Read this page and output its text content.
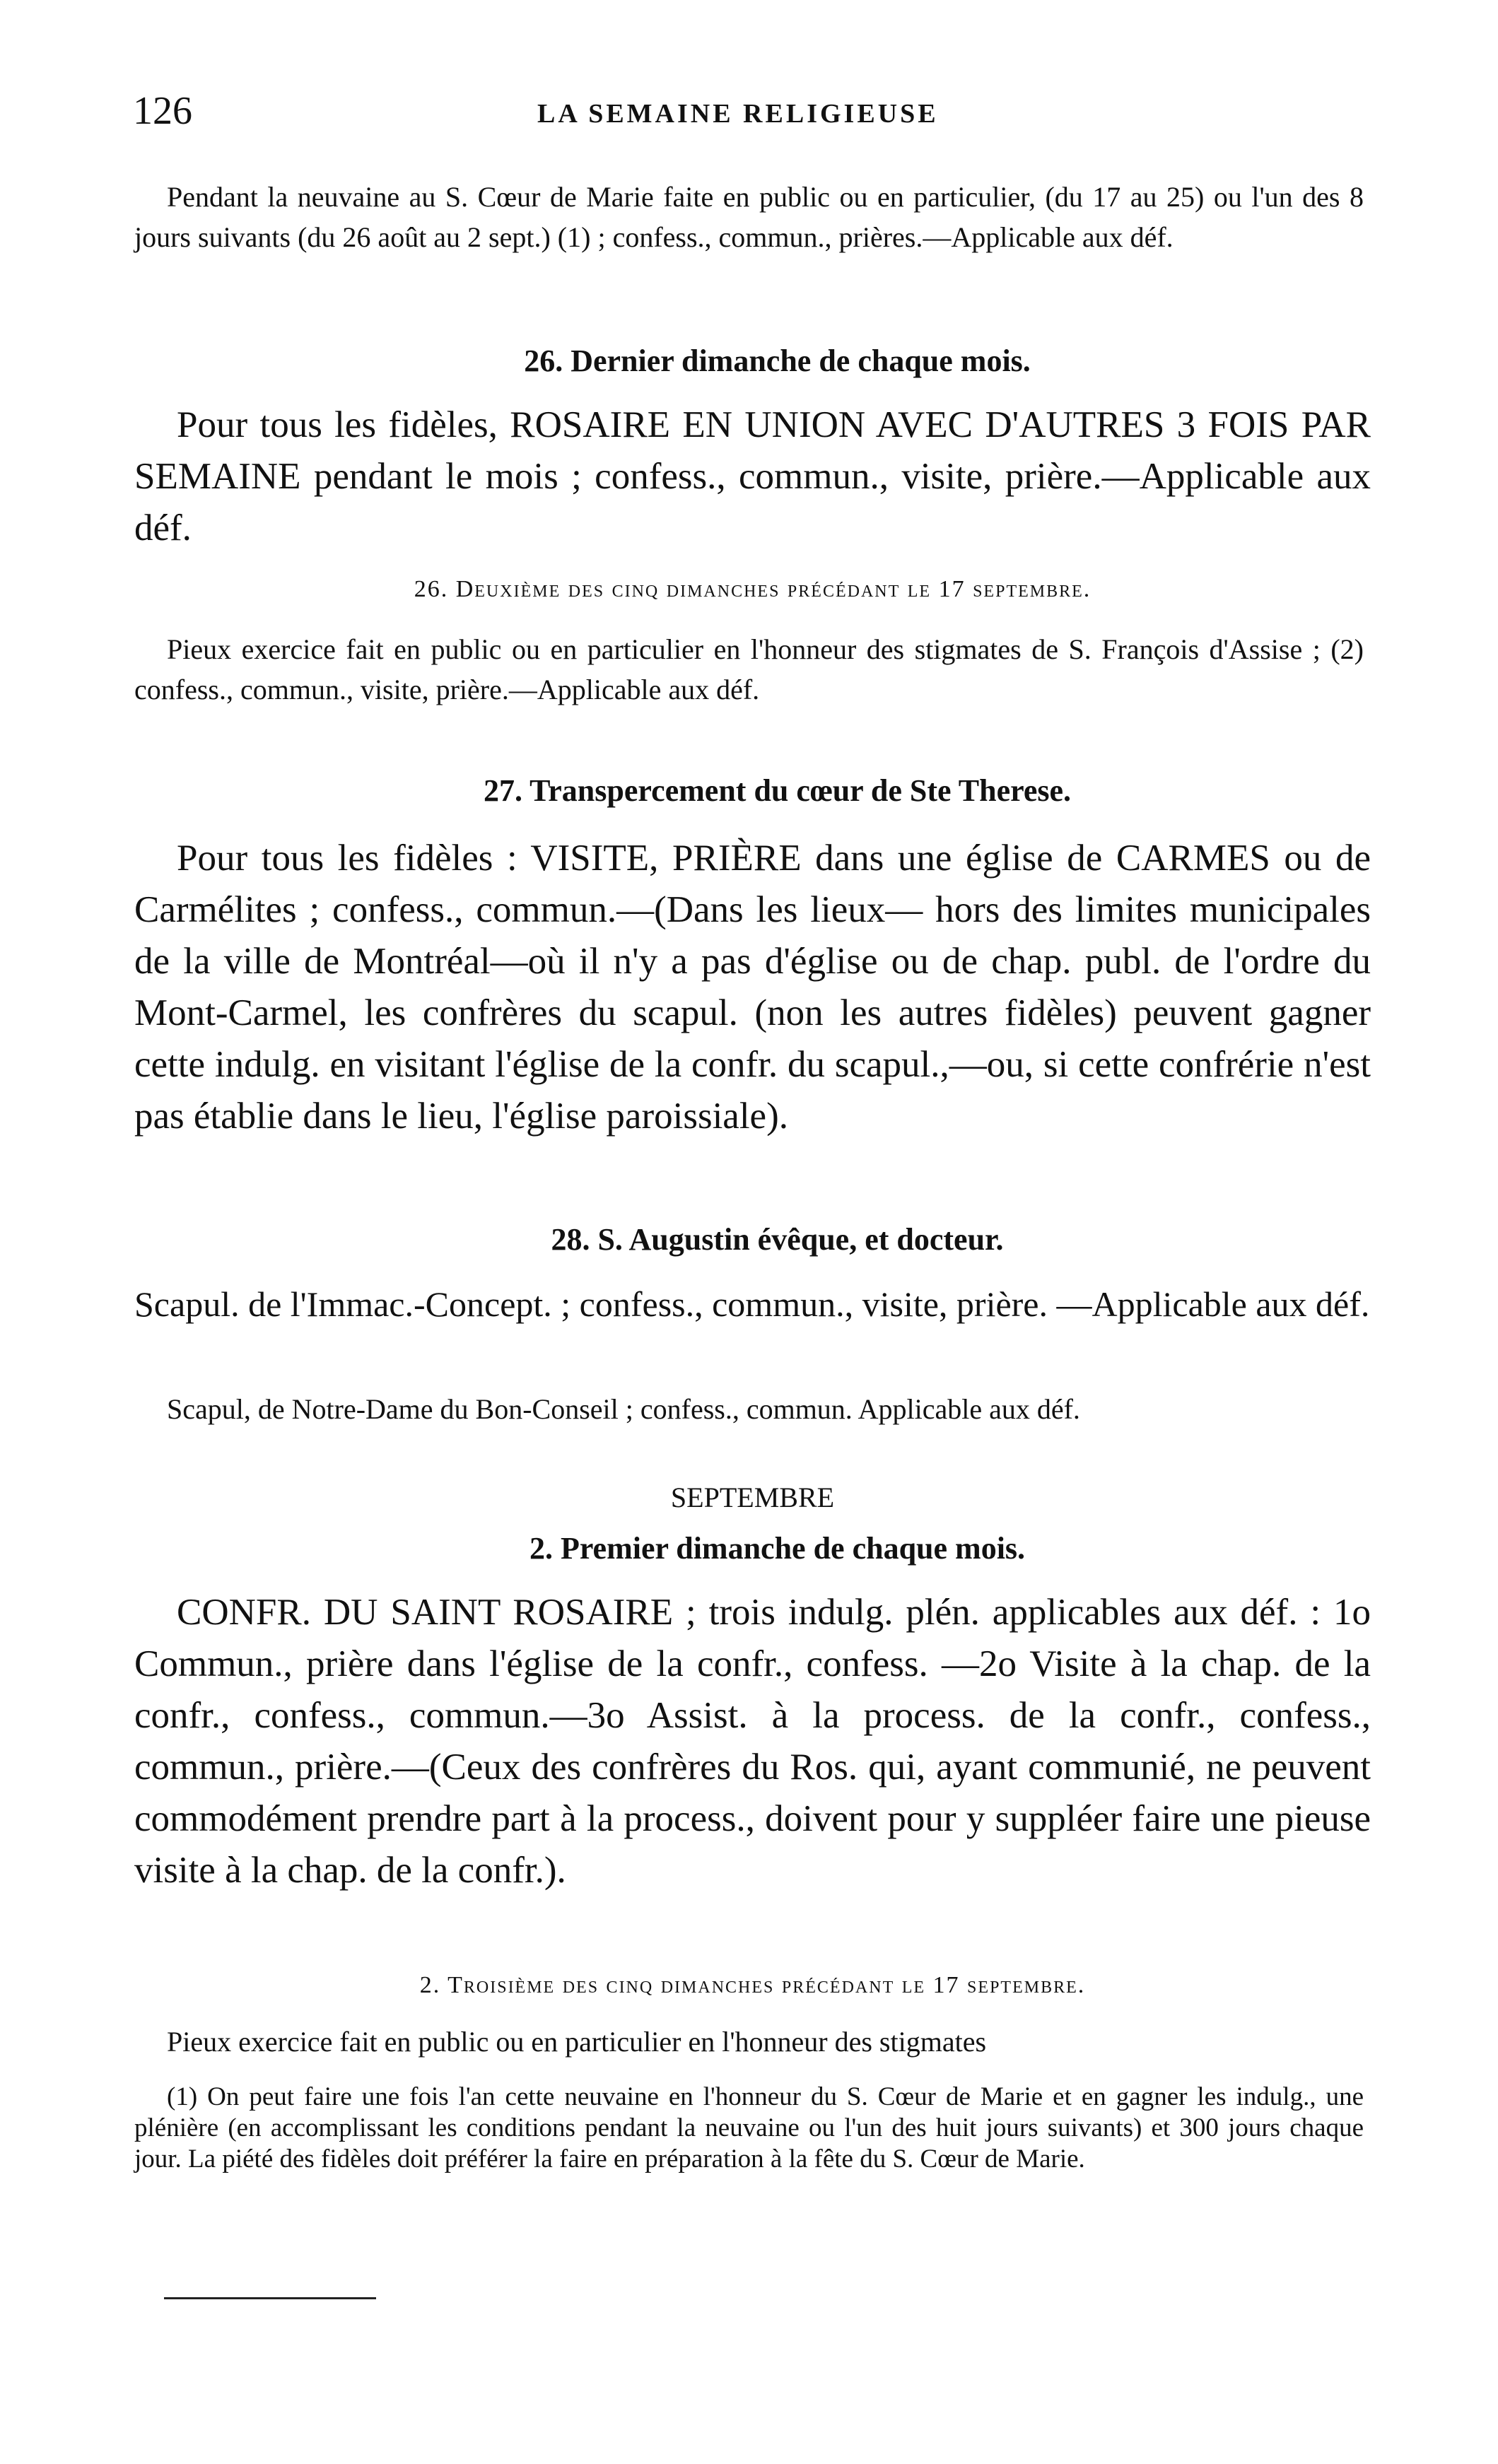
126	LA SEMAINE RELIGIEUSE

Pendant la neuvaine au S. Cœur de Marie faite en public ou en particulier, (du 17 au 25) ou l'un des 8 jours suivants (du 26 août au 2 sept.) (1) ; confess., commun., prières.—Applicable aux déf.

26. Dernier dimanche de chaque mois.

Pour tous les fidèles, ROSAIRE EN UNION AVEC D'AUTRES 3 FOIS PAR SEMAINE pendant le mois ; confess., commun., visite, prière.—Applicable aux déf.

26. Deuxième des cinq dimanches précédant le 17 septembre.

Pieux exercice fait en public ou en particulier en l'honneur des stigmates de S. François d'Assise ; (2) confess., commun., visite, prière.—Applicable aux déf.

27. Transpercement du cœur de Ste Therese.

Pour tous les fidèles : VISITE, PRIÈRE dans une église de CARMES ou de Carmélites ; confess., commun.—(Dans les lieux— hors des limites municipales de la ville de Montréal—où il n'y a pas d'église ou de chap. publ. de l'ordre du Mont-Carmel, les confrères du scapul. (non les autres fidèles) peuvent gagner cette indulg. en visitant l'église de la confr. du scapul.,—ou, si cette confrérie n'est pas établie dans le lieu, l'église paroissiale).

28. S. Augustin évêque, et docteur.

Scapul. de l'Immac.-Concept. ; confess., commun., visite, prière. —Applicable aux déf.

Scapul, de Notre-Dame du Bon-Conseil ; confess., commun. Applicable aux déf.

SEPTEMBRE

2. Premier dimanche de chaque mois.

CONFR. DU SAINT ROSAIRE ; trois indulg. plén. applicables aux déf. : 1o Commun., prière dans l'église de la confr., confess. —2o Visite à la chap. de la confr., confess., commun.—3o Assist. à la process. de la confr., confess., commun., prière.—(Ceux des confrères du Ros. qui, ayant communié, ne peuvent commodément prendre part à la process., doivent pour y suppléer faire une pieuse visite à la chap. de la confr.).

2. Troisième des cinq dimanches précédant le 17 septembre.

Pieux exercice fait en public ou en particulier en l'honneur des stigmates

(1) On peut faire une fois l'an cette neuvaine en l'honneur du S. Cœur de Marie et en gagner les indulg., une plénière (en accomplissant les conditions pendant la neuvaine ou l'un des huit jours suivants) et 300 jours chaque jour. La piété des fidèles doit préférer la faire en préparation à la fête du S. Cœur de Marie.
